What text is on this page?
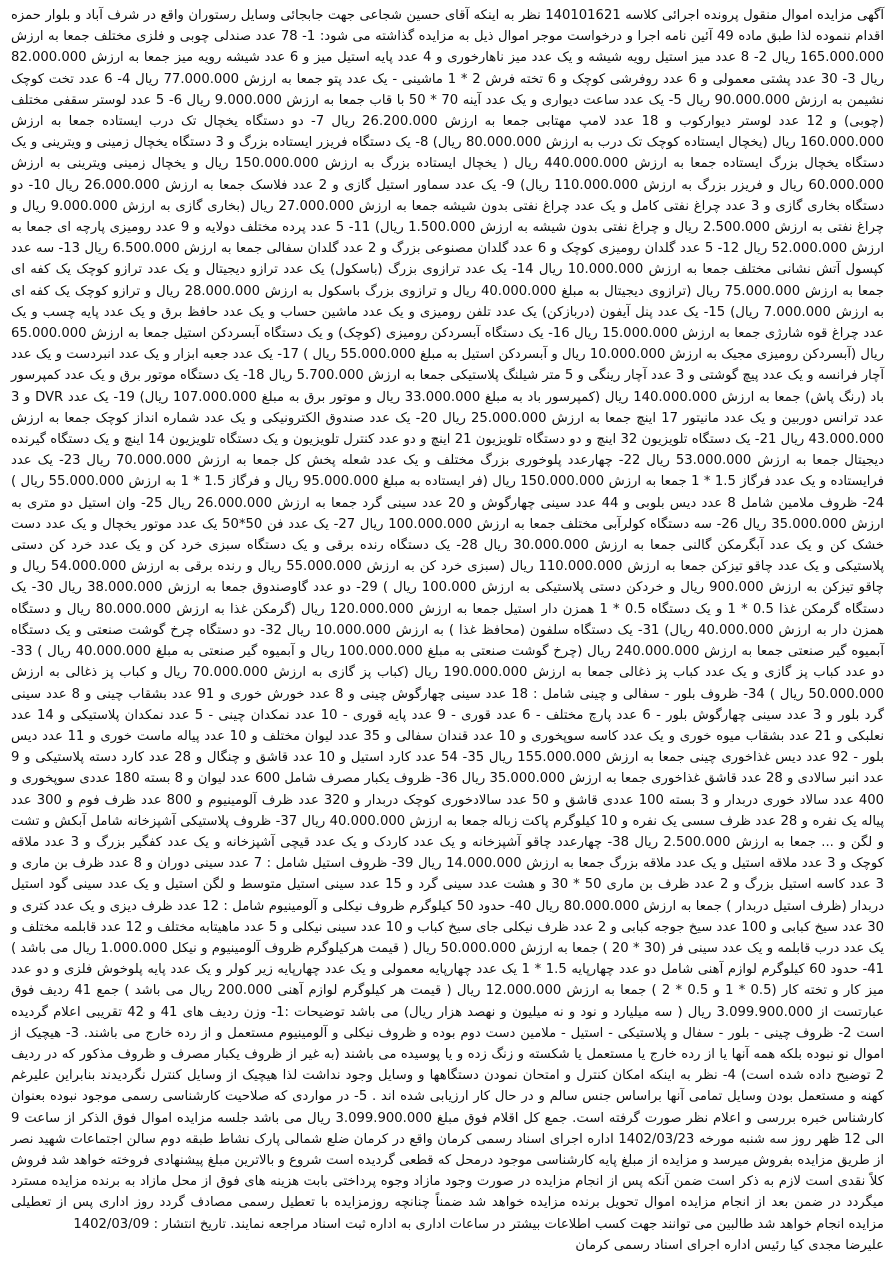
آگهی مزایده اموال منقول پرونده اجرائی کلاسه 140101621 نظر به اینکه آقای حسین شجاعی جهت جابجائی وسایل رستوران واقع در شرف آباد و بلوار حمزه اقدام ننموده لذا طبق ماده 49 آئین نامه اجرا و درخواست موجر اموال ذیل به مزایده گذاشته می شود: 1- 78 عدد صندلی چوبی و فلزی مختلف جمعا به ارزش 165.000.000 ریال 2- 8 عدد میز استیل رویه شیشه و یک عدد میز ناهارخوری و 4 عدد پایه استیل میز و 6 عدد شیشه رویه میز جمعا به ارزش 82.000.000 ریال 3- 30 عدد پشتی معمولی و 6 عدد روفرشی کوچک و 6 تخته فرش 2 * 1 ماشینی - یک عدد پتو جمعا به ارزش 77.000.000 ریال 4- 6 عدد تخت کوچک نشیمن به ارزش 90.000.000 ریال 5- یک عدد ساعت دیواری و یک عدد آینه 70 * 50 با قاب جمعا به ارزش 9.000.000 ریال 6- 5 عدد لوستر سقفی مختلف (چوبی) و 12 عدد لوستر دیوارکوب و 18 عدد لامپ مهتابی جمعا به ارزش 26.200.000 ریال 7- دو دستگاه یخچال تک درب ایستاده جمعا به ارزش 160.000.000 ریال (یخچال ایستاده کوچک تک درب به ارزش 80.000.000 ریال) 8- یک دستگاه فریزر ایستاده بزرگ و 3 دستگاه یخچال زمینی و ویترینی و یک دستگاه یخچال بزرگ ایستاده جمعا به ارزش 440.000.000 ریال ( یخچال ایستاده بزرگ به ارزش 150.000.000 ریال و یخچال زمینی ویترینی به ارزش 60.000.000 ریال و فریزر بزرگ به ارزش 110.000.000 ریال) 9- یک عدد سماور استیل گازی و 2 عدد فلاسک جمعا به ارزش 26.000.000 ریال 10- دو دستگاه بخاری گازی و 3 عدد چراغ نفتی کامل و یک عدد چراغ نفتی بدون شیشه جمعا به ارزش 27.000.000 ریال (بخاری گازی به ارزش 9.000.000 ریال و چراغ نفتی به ارزش 2.500.000 ریال و چراغ نفتی بدون شیشه به ارزش 1.500.000 ریال) 11- 5 عدد پرده مختلف دولایه و 9 عدد رومیزی پارچه ای جمعا به ارزش 52.000.000 ریال 12- 5 عدد گلدان رومیزی کوچک و 6 عدد گلدان مصنوعی بزرگ و 2 عدد گلدان سفالی جمعا به ارزش 6.500.000 ریال 13- سه عدد کپسول آتش نشانی مختلف جمعا به ارزش 10.000.000 ریال 14- یک عدد ترازوی بزرگ (باسکول) یک عدد ترازو دیجیتال و یک عدد ترازو کوچک یک کفه ای جمعا به ارزش 75.000.000 ریال (ترازوی دیجیتال به مبلغ 40.000.000 ریال و ترازوی بزرگ باسکول به ارزش 28.000.000 ریال و ترازو کوچک یک کفه ای به ارزش 7.000.000 ریال) 15- یک عدد پنل آیفون (دربازکن) یک عدد تلفن رومیزی و یک عدد ماشین حساب و یک عدد حافظ برق و یک عدد پایه چسب و یک عدد چراغ قوه شارژی جمعا به ارزش 15.000.000 ریال 16- یک دستگاه آبسردکن رومیزی (کوچک) و یک دستگاه آبسردکن استیل جمعا به ارزش 65.000.000 ریال (آبسردکن رومیزی مجیک به ارزش 10.000.000 ریال و آبسردکن استیل به مبلغ 55.000.000 ریال ) 17- یک عدد جعبه ابزار و یک عدد انبردست و یک عدد آچار فرانسه و یک عدد پیچ گوشتی و 3 عدد آچار رینگی و 5 متر شیلنگ پلاستیکی جمعا به ارزش 5.700.000 ریال 18- یک دستگاه موتور برق و یک عدد کمپرسور باد (رنگ پاش) جمعا به ارزش 140.000.000 ریال (کمپرسور باد به مبلغ 33.000.000 ریال و موتور برق به مبلغ 107.000.000 ریال) 19- یک عدد DVR و 3 عدد ترانس دوربین و یک عدد مانیتور 17 اینچ جمعا به ارزش 25.000.000 ریال 20- یک عدد صندوق الکترونیکی و یک عدد شماره انداز کوچک جمعا به ارزش 43.000.000 ریال 21- یک دستگاه تلویزیون 32 اینچ و دو دستگاه تلویزیون 21 اینچ و دو عدد کنترل تلویزیون و یک دستگاه تلویزیون 14 اینچ و یک دستگاه گیرنده دیجیتال جمعا به ارزش 53.000.000 ریال 22- چهارعدد پلوخوری بزرگ مختلف و یک عدد شعله پخش کل جمعا به ارزش 70.000.000 ریال 23- یک عدد فرایستاده و یک عدد فرگاز 1.5 * 1 جمعا به ارزش 150.000.000 ریال (فر ایستاده به مبلغ 95.000.000 ریال و فرگاز 1.5 * 1 به ارزش 55.000.000 ریال ) 24- ظروف ملامین شامل 8 عدد دیس بلوبی و 44 عدد سینی چهارگوش و 20 عدد سینی گرد جمعا به ارزش 26.000.000 ریال 25- وان استیل دو متری به ارزش 35.000.000 ریال 26- سه دستگاه کولرآبی مختلف جمعا به ارزش 100.000.000 ریال 27- یک عدد فن 50*50 یک عدد موتور یخچال و یک عدد دست خشک کن و یک عدد آبگرمکن گالنی جمعا به ارزش 30.000.000 ریال 28- یک دستگاه رنده برقی و یک دستگاه سبزی خرد کن و یک عدد خرد کن دستی پلاستیکی و یک عدد چاقو تیزکن جمعا به ارزش 110.000.000 ریال (سبزی خرد کن به ارزش 55.000.000 ریال و رنده برقی به ارزش 54.000.000 ریال و چاقو تیزکن به ارزش 900.000 ریال و خردکن دستی پلاستیکی به ارزش 100.000 ریال ) 29- دو عدد گاوصندوق جمعا به ارزش 38.000.000 ریال 30- یک دستگاه گرمکن غذا 0.5 * 1 و یک دستگاه 0.5 * 1 همزن دار استیل جمعا به ارزش 120.000.000 ریال (گرمکن غذا به ارزش 80.000.000 ریال و دستگاه همزن دار به ارزش 40.000.000 ریال) 31- یک دستگاه سلفون (محافظ غذا ) به ارزش 10.000.000 ریال 32- دو دستگاه چرخ گوشت صنعتی و یک دستگاه آبمیوه گیر صنعتی جمعا به ارزش 240.000.000 ریال (چرخ گوشت صنعتی به مبلغ 100.000.000 ریال و آبمیوه گیر صنعتی به مبلغ 40.000.000 ریال ) 33- دو عدد کباب پز گازی و یک عدد کباب پز ذغالی جمعا به ارزش 190.000.000 ریال (کباب پز گازی به ارزش 70.000.000 ریال و کباب پز ذغالی به ارزش 50.000.000 ریال ) 34- ظروف بلور - سفالی و چینی شامل : 18 عدد سینی چهارگوش چینی و 8 عدد خورش خوری و 91 عدد بشقاب چینی و 8 عدد سینی گرد بلور و 3 عدد سینی چهارگوش بلور - 6 عدد پارچ مختلف - 6 عدد قوری - 9 عدد پایه قوری - 10 عدد نمکدان چینی - 5 عدد نمکدان پلاستیکی و 14 عدد نعلبکی و 21 عدد بشقاب میوه خوری و یک عدد کاسه سوپخوری و 10 عدد قندان سفالی و 35 عدد لیوان مختلف و 10 عدد پیاله ماست خوری و 11 عدد دیس بلور - 92 عدد دیس غذاخوری چینی جمعا به ارزش 155.000.000 ریال 35- 54 عدد کارد استیل و 10 عدد قاشق و چنگال و 28 عدد کارد دسته پلاستیکی و 9 عدد انبر سالادی و 28 عدد قاشق غذاخوری جمعا به ارزش 35.000.000 ریال 36- ظروف یکبار مصرف شامل 600 عدد لیوان و 8 بسته 180 عددی سوپخوری و 400 عدد سالاد خوری دربدار و 3 بسته 100 عددی قاشق و 50 عدد سالادخوری کوچک دربدار و 320 عدد ظرف آلومینیوم و 800 عدد ظرف فوم و 300 عدد پیاله یک نفره و 28 عدد ظرف سسی یک نفره و 10 کیلوگرم پاکت زباله جمعا به ارزش 40.000.000 ریال 37- ظروف پلاستیکی آشپزخانه شامل آبکش و تشت و لگن و ... جمعا به ارزش 2.500.000 ریال 38- چهارعدد چاقو آشپزخانه و یک عدد کاردک و یک عدد قیچی آشپزخانه و یک عدد کفگیر بزرگ و 3 عدد ملاقه کوچک و 3 عدد ملاقه استیل و یک عدد ملاقه بزرگ جمعا به ارزش 14.000.000 ریال 39- ظروف استیل شامل : 7 عدد سینی دوران و 8 عدد ظرف بن ماری و 3 عدد کاسه استیل بزرگ و 2 عدد ظرف بن ماری 50 * 30 و هشت عدد سینی گرد و 15 عدد سینی استیل متوسط و لگن استیل و یک عدد سینی گود استیل دربدار (ظرف استیل دربدار ) جمعا به ارزش 80.000.000 ریال 40- حدود 50 کیلوگرم ظروف نیکلی و آلومینیوم شامل : 12 عدد ظرف دیزی و یک عدد کتری و 30 عدد سیخ کبابی و 100 عدد سیخ جوجه کبابی و 2 عدد ظرف نیکلی جای سیخ کباب و 10 عدد سینی نیکلی و 5 عدد ماهیتابه مختلف و 12 عدد قابلمه مختلف و یک عدد درب قابلمه و یک عدد سینی فر (30 * 20 ) جمعا به ارزش 50.000.000 ریال ( قیمت هرکیلوگرم ظروف آلومینیوم و نیکل 1.000.000 ریال می باشد ) 41- حدود 60 کیلوگرم لوازم آهنی شامل دو عدد چهارپایه 1.5 * 1 یک عدد چهارپایه معمولی و یک عدد چهارپایه زیر کولر و یک عدد پایه پلوخوش فلزی و دو عدد میز کار و تخته کار (0.5 * 1 و 0.5 * 2 ) جمعا به ارزش 12.000.000 ریال ( قیمت هر کیلوگرم لوازم آهنی 200.000 ریال می باشد ) جمع 41 ردیف فوق عبارتست از 3.099.900.000 ریال ( سه میلیارد و نود و نه میلیون و نهصد هزار ریال) می باشد توضیحات :1- وزن ردیف های 41 و 42 تقریبی اعلام گردیده است 2- ظروف چینی - بلور - سفال و پلاستیکی - استیل - ملامین دست دوم بوده و ظروف نیکلی و آلومینیوم مستعمل و از رده خارج می باشند. 3- هیچیک از اموال نو نبوده بلکه همه آنها یا از رده خارج یا مستعمل یا شکسته و زنگ زده و یا پوسیده می باشند (به غیر از ظروف یکبار مصرف و ظروف مذکور که در ردیف 2 توضیح داده شده است) 4- نظر به اینکه امکان کنترل و امتحان نمودن دستگاهها و وسایل وجود نداشت لذا هیچیک از وسایل کنترل نگردیدند بنابراین علیرغم کهنه و مستعمل بودن وسایل تمامی آنها براساس جنس سالم و در حال کار ارزیابی شده اند . 5- در مواردی که صلاحیت کارشناسی رسمی موجود نبوده بعنوان کارشناس خبره بررسی و اعلام نظر صورت گرفته است. جمع کل اقلام فوق مبلغ 3.099.900.000 ریال می باشد جلسه مزایده اموال فوق الذکر از ساعت 9 الی 12 ظهر روز سه شنبه مورخه 1402/03/23 اداره اجرای اسناد رسمی کرمان واقع در کرمان ضلع شمالی پارک نشاط طبقه دوم سالن اجتماعات شهید نصر از طریق مزایده بفروش میرسد و مزایده از مبلغ پایه کارشناسی موجود درمحل که قطعی گردیده است شروع و بالاترین مبلغ پیشنهادی فروخته خواهد شد فروش کلاً نقدی است لازم به ذکر است ضمن آنکه پس از انجام مزایده در صورت وجود مازاد وجوه پرداختی بابت هزینه های فوق از محل مازاد به برنده مزایده مسترد میگردد در ضمن بعد از انجام مزایده اموال تحویل برنده مزایده خواهد شد ضمناً چنانچه روزمزایده با تعطیل رسمی مصادف گردد روز اداری پس از تعطیلی مزایده انجام خواهد شد طالبین می توانند جهت کسب اطلاعات بیشتر در ساعات اداری به اداره ثبت اسناد مراجعه نمایند. تاریخ انتشار : 1402/03/09
علیرضا مجدی کیا رئیس اداره اجرای اسناد رسمی کرمان
